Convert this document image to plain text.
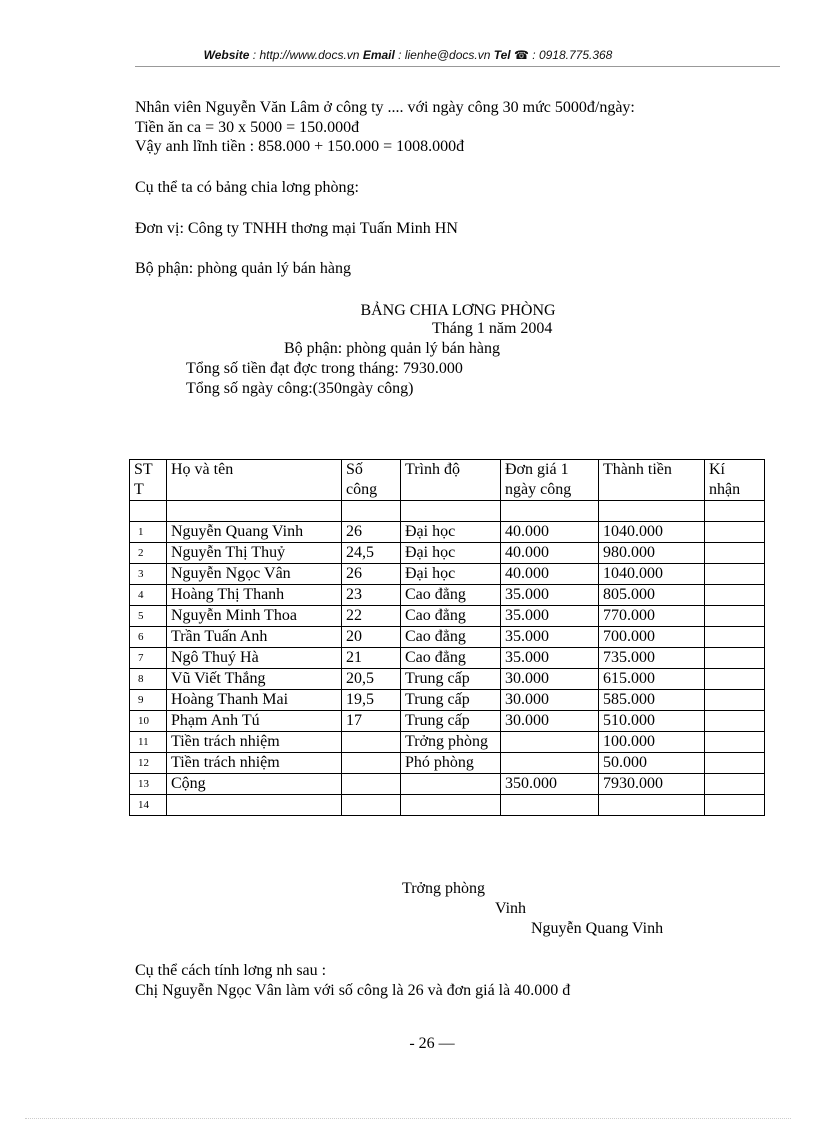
Website : http://www.docs.vn Email : lienhe@docs.vn Tel ☎ : 0918.775.368
Nhân viên Nguyễn Văn Lâm ở công ty .... với ngày công 30 mức 5000đ/ngày:
Tiền ăn ca = 30 x 5000 = 150.000đ
Vậy anh lĩnh tiền : 858.000 + 150.000 = 1008.000đ
Cụ thể ta có bảng chia lơng phòng:
Đơn vị: Công ty TNHH thơng mại Tuấn Minh HN
Bộ phận: phòng quản lý bán hàng
BẢNG CHIA LƠNG PHÒNG
Tháng 1 năm 2004
Bộ phận: phòng quản lý bán hàng
Tổng số tiền đạt đợc trong tháng: 7930.000
Tổng số ngày công:(350ngày công)
ST T	Họ và tên	Số công	Trình độ	Đơn giá 1 ngày công	Thành tiền	Kí nhận

1	Nguyễn Quang Vinh	26	Đại học	40.000	1040.000	
2	Nguyễn Thị Thuỷ	24,5	Đại học	40.000	980.000	
3	Nguyễn Ngọc Vân	26	Đại học	40.000	1040.000	
4	Hoàng Thị Thanh	23	Cao đẳng	35.000	805.000	
5	Nguyễn Minh Thoa	22	Cao đẳng	35.000	770.000	
6	Trần Tuấn Anh	20	Cao đẳng	35.000	700.000	
7	Ngô Thuý Hà	21	Cao đẳng	35.000	735.000	
8	Vũ Viết Thắng	20,5	Trung cấp	30.000	615.000	
9	Hoàng Thanh Mai	19,5	Trung cấp	30.000	585.000	
10	Phạm Anh Tú	17	Trung cấp	30.000	510.000	
11	Tiền trách nhiệm		Trởng phòng		100.000	
12	Tiền trách nhiệm		Phó phòng		50.000	
13	Cộng			350.000	7930.000	
14						
Trởng phòng
Vinh
Nguyễn Quang Vinh
Cụ thể cách tính lơng nh sau :
Chị Nguyễn Ngọc Vân làm với số công là 26 và đơn giá là 40.000 đ
- 26 —
